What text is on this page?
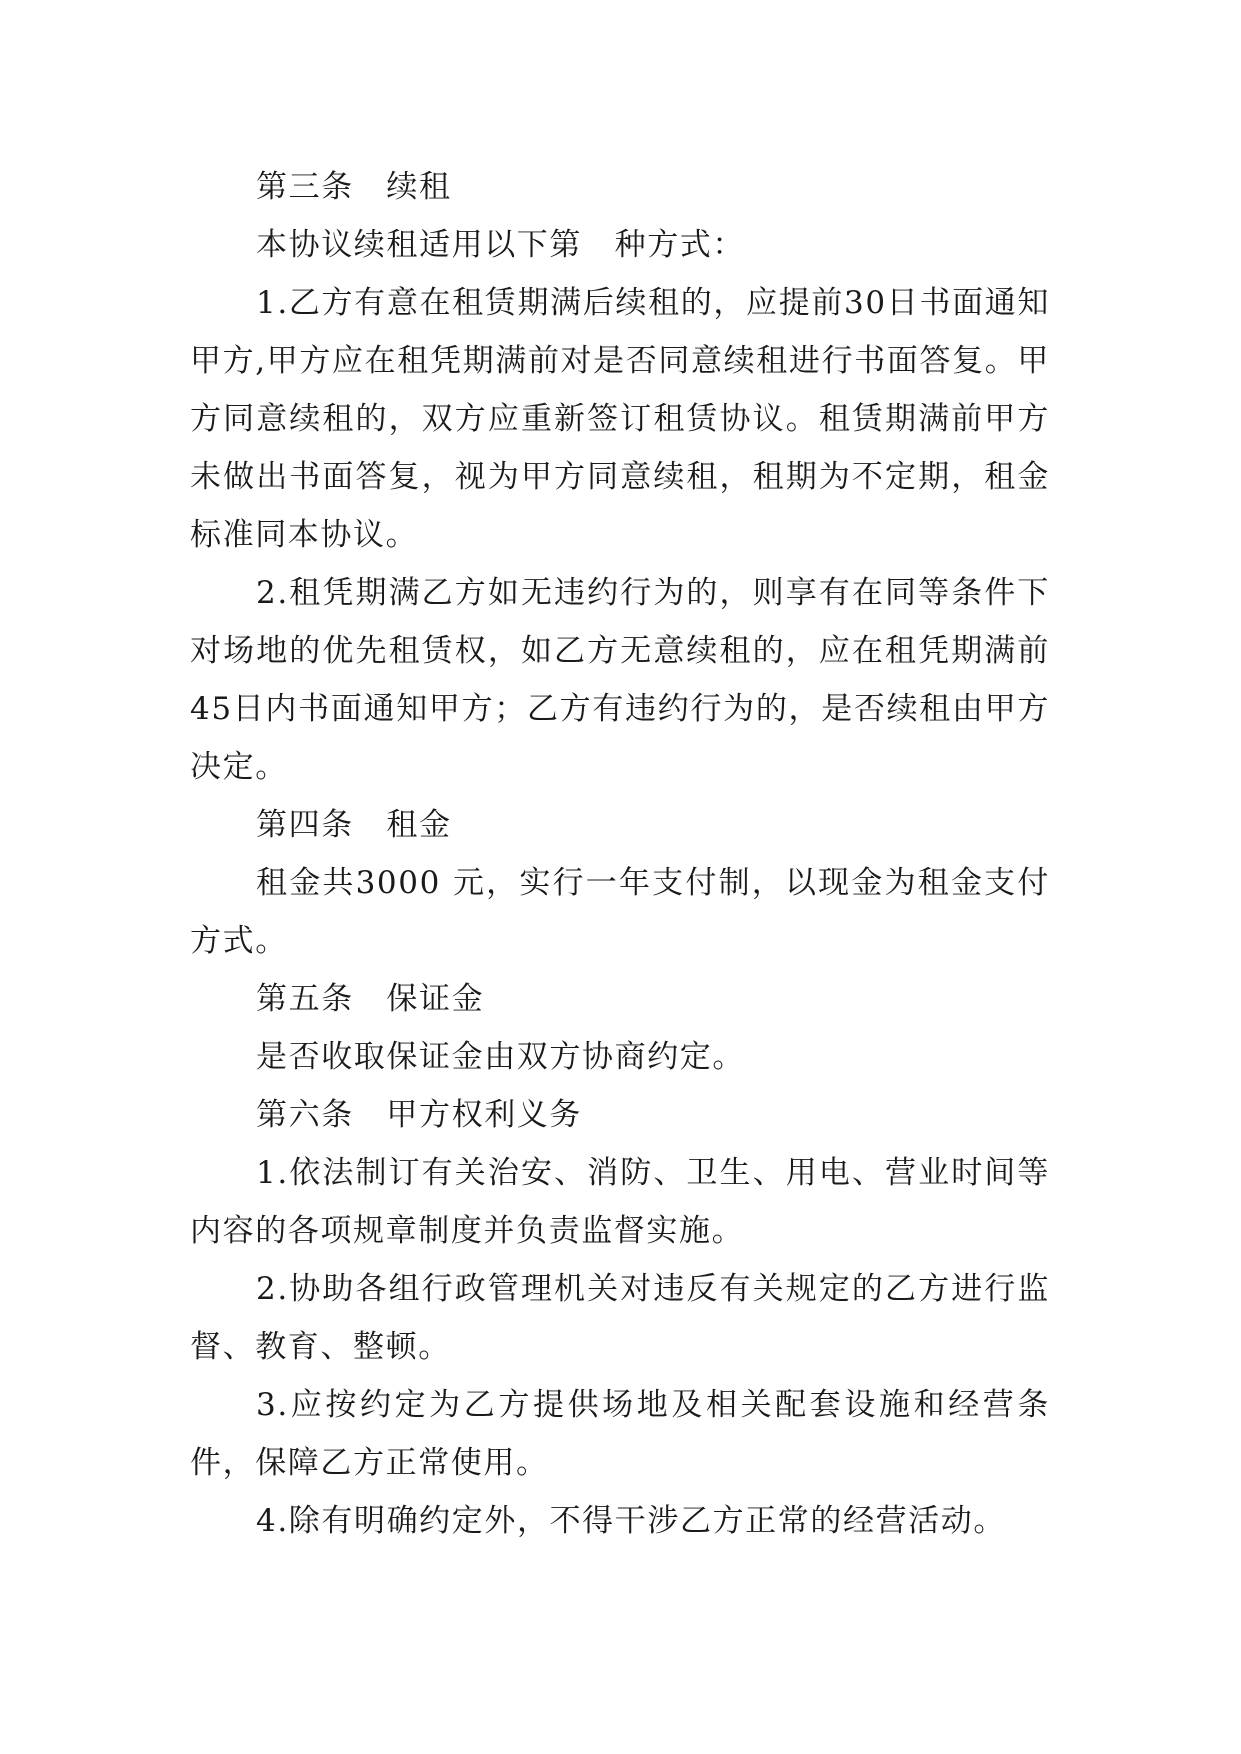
第三条　续租

本协议续租适用以下第　种方式：

1.乙方有意在租赁期满后续租的，应提前30日书面通知甲方,甲方应在租凭期满前对是否同意续租进行书面答复。甲方同意续租的，双方应重新签订租赁协议。租赁期满前甲方未做出书面答复，视为甲方同意续租，租期为不定期，租金标准同本协议。

2.租凭期满乙方如无违约行为的，则享有在同等条件下对场地的优先租赁权，如乙方无意续租的，应在租凭期满前45日内书面通知甲方；乙方有违约行为的，是否续租由甲方决定。

第四条　租金

租金共3000 元，实行一年支付制，以现金为租金支付方式。

第五条　保证金

是否收取保证金由双方协商约定。

第六条　甲方权利义务

1.依法制订有关治安、消防、卫生、用电、营业时间等内容的各项规章制度并负责监督实施。

2.协助各组行政管理机关对违反有关规定的乙方进行监督、教育、整顿。

3.应按约定为乙方提供场地及相关配套设施和经营条件，保障乙方正常使用。

4.除有明确约定外，不得干涉乙方正常的经营活动。
